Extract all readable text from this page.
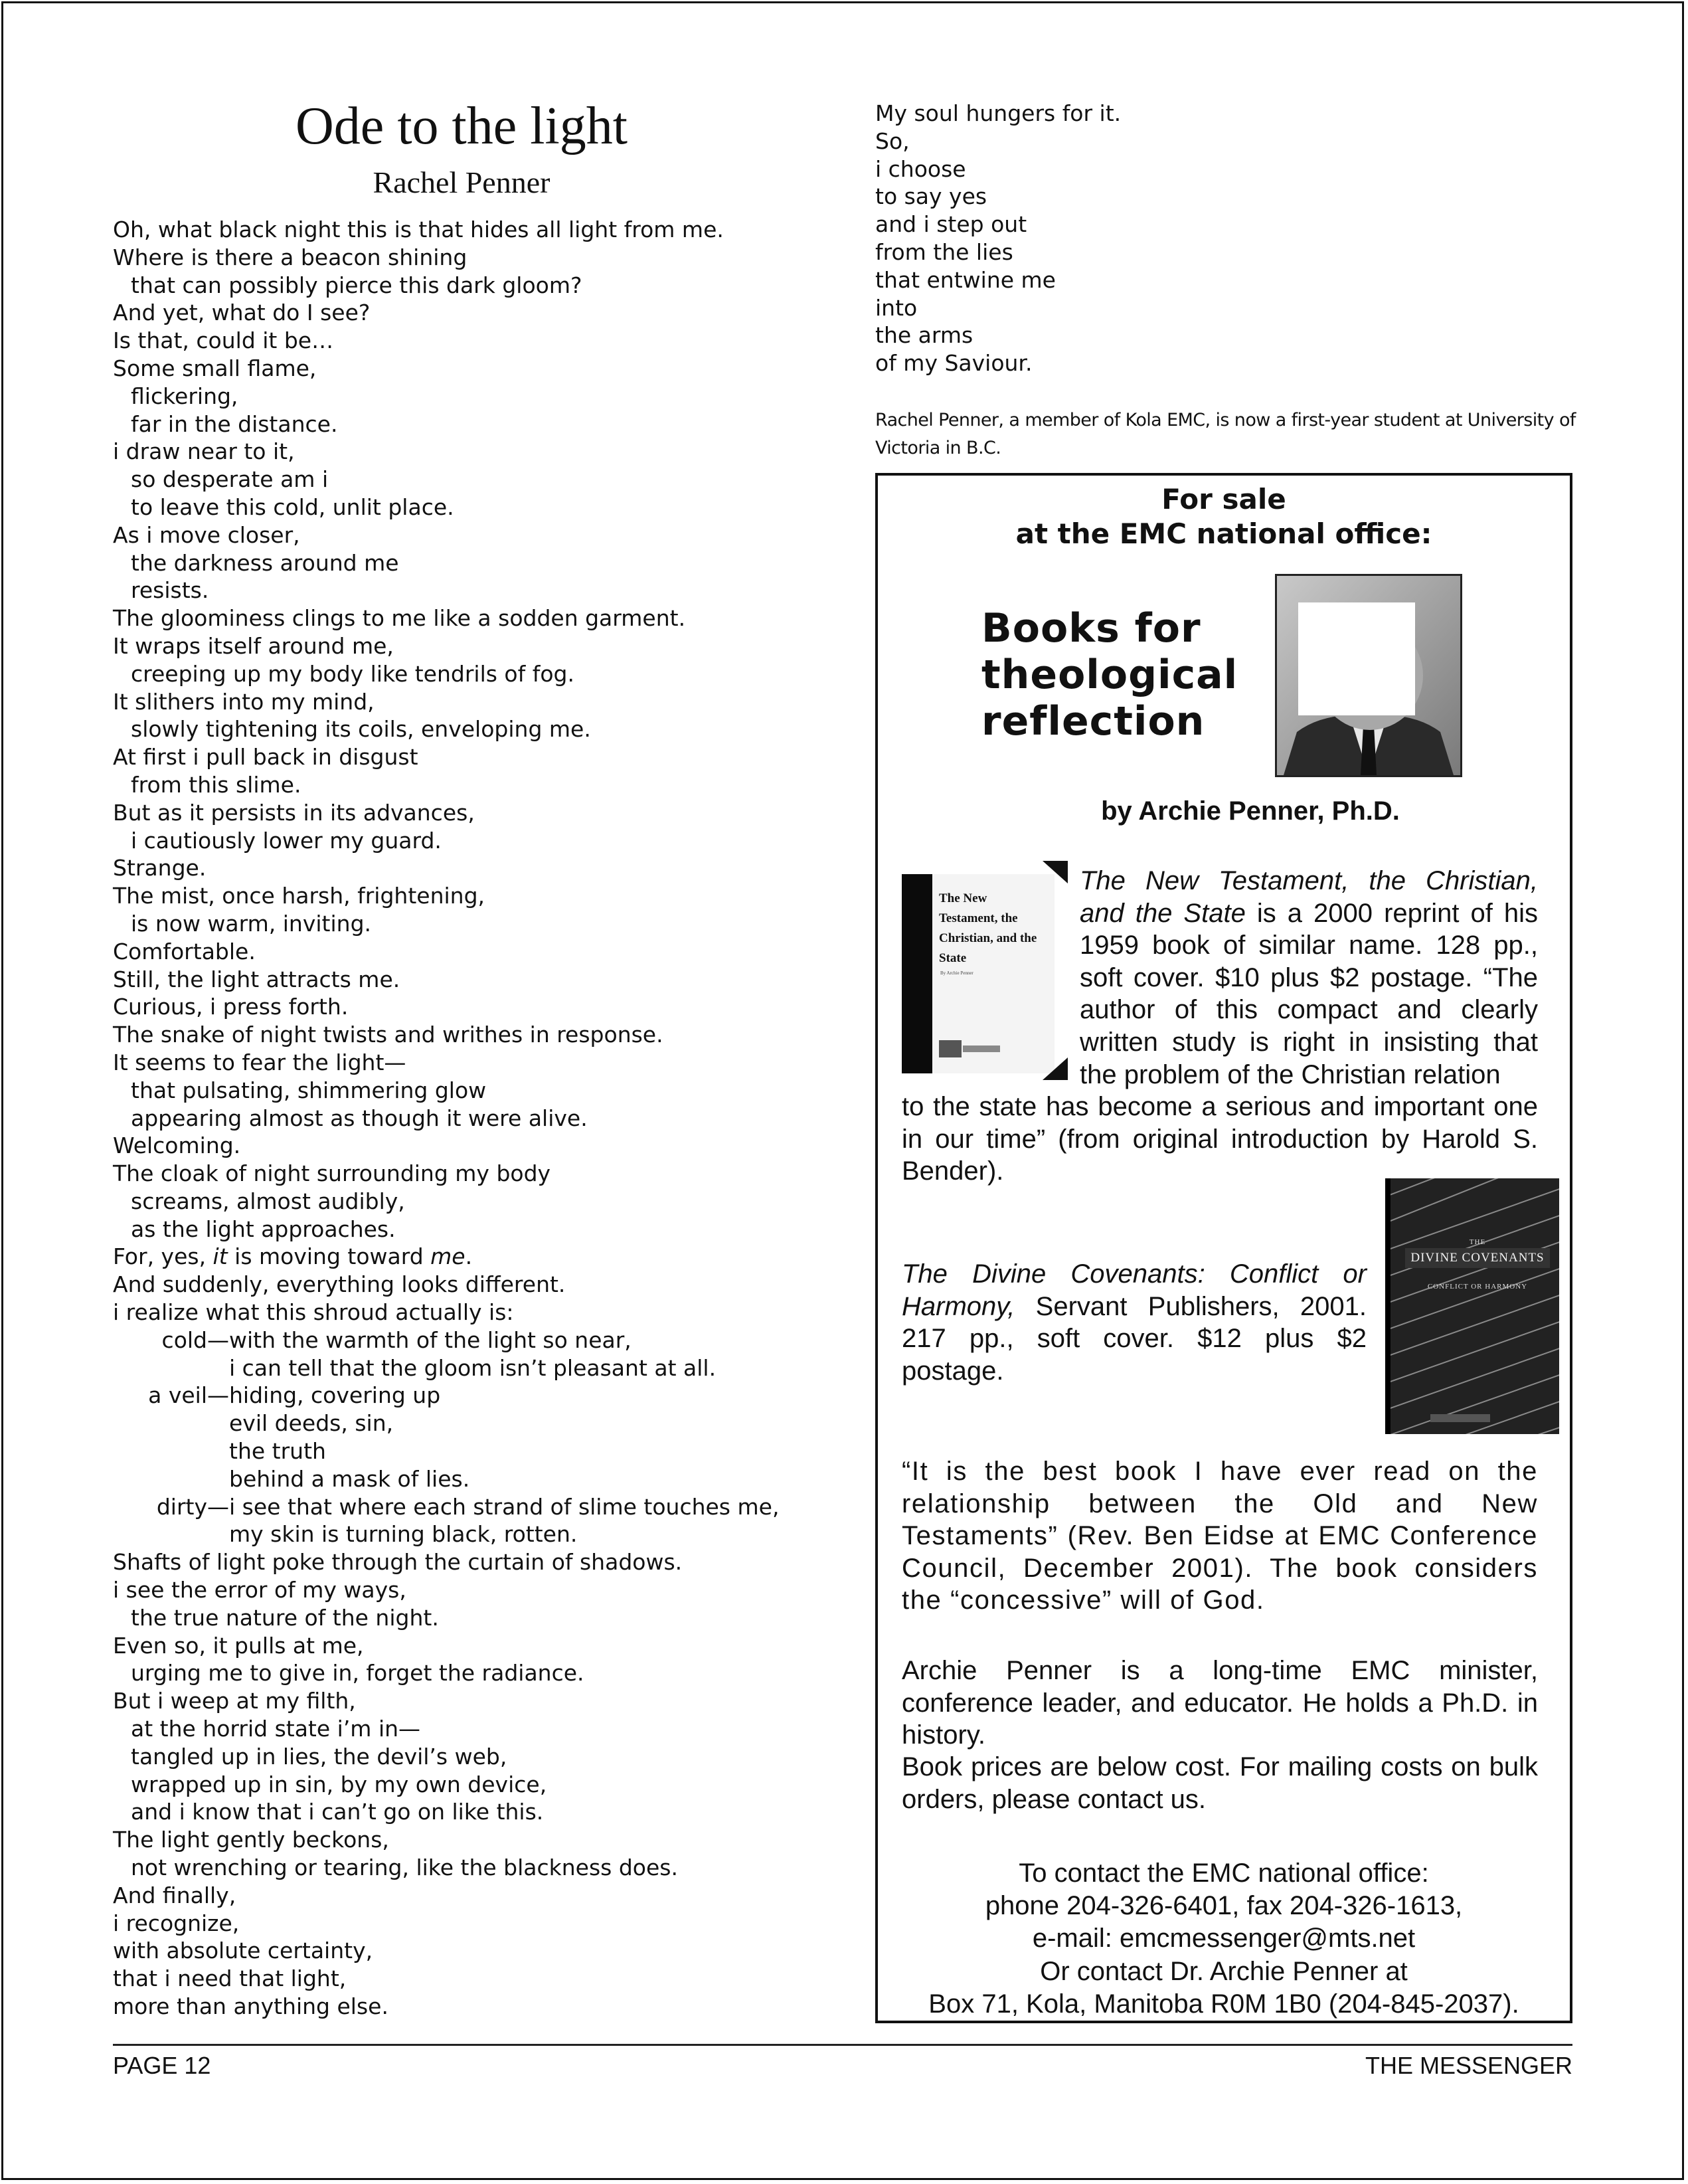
Ode to the light
Rachel Penner
Oh, what black night this is that hides all light from me.
Where is there a beacon shining
that can possibly pierce this dark gloom?
And yet, what do I see?
Is that, could it be…
Some small flame,
flickering,
far in the distance.
i draw near to it,
so desperate am i
to leave this cold, unlit place.
As i move closer,
the darkness around me
resists.
The gloominess clings to me like a sodden garment.
It wraps itself around me,
creeping up my body like tendrils of fog.
It slithers into my mind,
slowly tightening its coils, enveloping me.
At first i pull back in disgust
from this slime.
But as it persists in its advances,
i cautiously lower my guard.
Strange.
The mist, once harsh, frightening,
is now warm, inviting.
Comfortable.
Still, the light attracts me.
Curious, i press forth.
The snake of night twists and writhes in response.
It seems to fear the light—
that pulsating, shimmering glow
appearing almost as though it were alive.
Welcoming.
The cloak of night surrounding my body
screams, almost audibly,
as the light approaches.
For, yes, it is moving toward me.
And suddenly, everything looks different.
i realize what this shroud actually is:
cold—with the warmth of the light so near,
i can tell that the gloom isn’t pleasant at all.
a veil—hiding, covering up
evil deeds, sin,
the truth
behind a mask of lies.
dirty—i see that where each strand of slime touches me,
my skin is turning black, rotten.
Shafts of light poke through the curtain of shadows.
i see the error of my ways,
the true nature of the night.
Even so, it pulls at me,
urging me to give in, forget the radiance.
But i weep at my filth,
at the horrid state i’m in—
tangled up in lies, the devil’s web,
wrapped up in sin, by my own device,
and i know that i can’t go on like this.
The light gently beckons,
not wrenching or tearing, like the blackness does.
And finally,
i recognize,
with absolute certainty,
that i need that light,
more than anything else.
My soul hungers for it.
So,
i choose
to say yes
and i step out
from the lies
that entwine me
into
the arms
of my Saviour.
Rachel Penner, a member of Kola EMC, is now a first-year student at University of Victoria in B.C.
For sale
at the EMC national office:
Books for
theological
reflection
by Archie Penner, Ph.D.
The New Testament, the Christian, and the State
By Archie Penner
The New Testament, the Christian, and the State is a 2000 reprint of his 1959 book of similar name. 128 pp., soft cover. $10 plus $2 postage. “The author of this compact and clearly written study is right in insisting that the problem of the Christian relation
to the state has become a serious and important one in our time” (from original introduction by Harold S. Bender).
THE
DIVINE COVENANTS
CONFLICT OR HARMONY
The Divine Covenants: Conflict or Harmony, Servant Publishers, 2001. 217 pp., soft cover. $12 plus $2 postage.
“It is the best book I have ever read on the relationship between the Old and New Testaments” (Rev. Ben Eidse at EMC Conference Council, December 2001). The book considers the “concessive” will of God.
Archie Penner is a long-time EMC minister, conference leader, and educator. He holds a Ph.D. in history.
Book prices are below cost. For mailing costs on bulk orders, please contact us.
To contact the EMC national office:
phone 204-326-6401, fax 204-326-1613,
e-mail: emcmessenger@mts.net
Or contact Dr. Archie Penner at
Box 71, Kola, Manitoba R0M 1B0 (204-845-2037).
PAGE 12	THE MESSENGER
